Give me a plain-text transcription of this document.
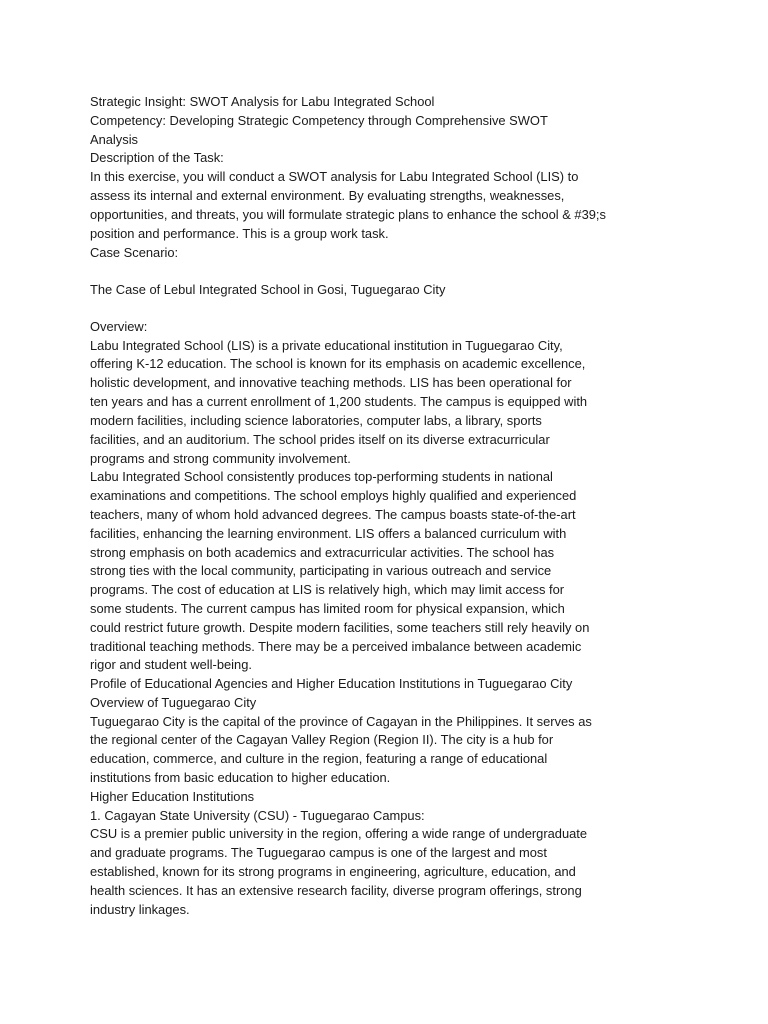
Strategic Insight: SWOT Analysis for Labu Integrated School

Competency: Developing Strategic Competency through Comprehensive SWOT

Analysis

Description of the Task:

In this exercise, you will conduct a SWOT analysis for Labu Integrated School (LIS) to

assess its internal and external environment. By evaluating strengths, weaknesses,

opportunities, and threats, you will formulate strategic plans to enhance the school & #39;s

position and performance. This is a group work task.

Case Scenario:

The Case of Lebul Integrated School in Gosi, Tuguegarao City

Overview:

Labu Integrated School (LIS) is a private educational institution in Tuguegarao City,

offering K-12 education. The school is known for its emphasis on academic excellence,

holistic development, and innovative teaching methods. LIS has been operational for

ten years and has a current enrollment of 1,200 students. The campus is equipped with

modern facilities, including science laboratories, computer labs, a library, sports

facilities, and an auditorium. The school prides itself on its diverse extracurricular

programs and strong community involvement.

Labu Integrated School consistently produces top-performing students in national

examinations and competitions. The school employs highly qualified and experienced

teachers, many of whom hold advanced degrees. The campus boasts state-of-the-art

facilities, enhancing the learning environment. LIS offers a balanced curriculum with

strong emphasis on both academics and extracurricular activities. The school has

strong ties with the local community, participating in various outreach and service

programs. The cost of education at LIS is relatively high, which may limit access for

some students. The current campus has limited room for physical expansion, which

could restrict future growth. Despite modern facilities, some teachers still rely heavily on

traditional teaching methods. There may be a perceived imbalance between academic

rigor and student well-being.

Profile of Educational Agencies and Higher Education Institutions in Tuguegarao City

Overview of Tuguegarao City

Tuguegarao City is the capital of the province of Cagayan in the Philippines. It serves as

the regional center of the Cagayan Valley Region (Region II). The city is a hub for

education, commerce, and culture in the region, featuring a range of educational

institutions from basic education to higher education.

Higher Education Institutions

1. Cagayan State University (CSU) - Tuguegarao Campus:

CSU is a premier public university in the region, offering a wide range of undergraduate

and graduate programs. The Tuguegarao campus is one of the largest and most

established, known for its strong programs in engineering, agriculture, education, and

health sciences. It has an extensive research facility, diverse program offerings, strong

industry linkages.
